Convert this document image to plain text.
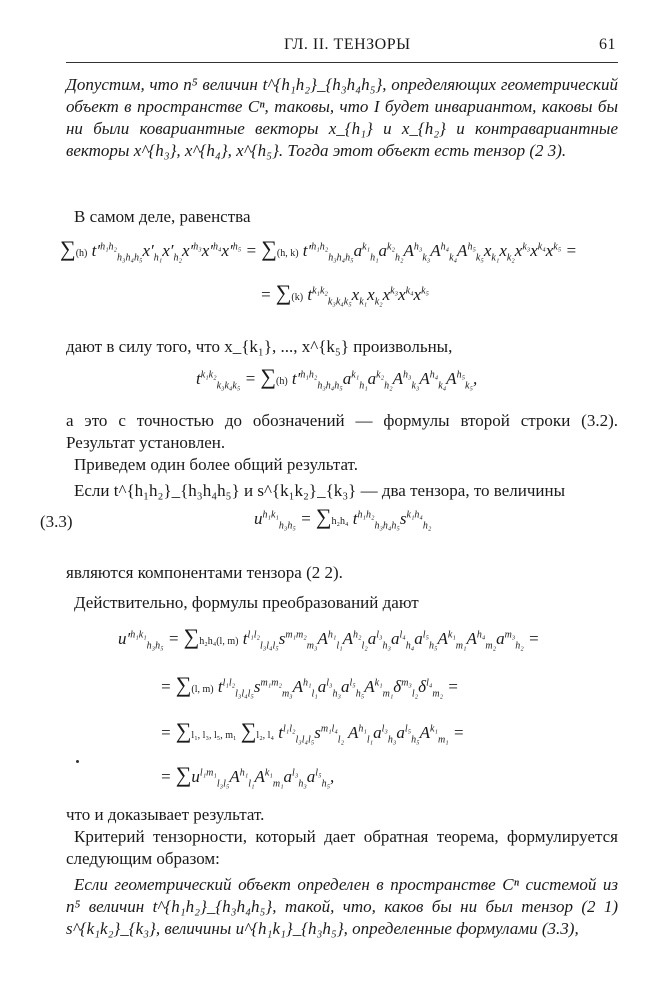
ГЛ. II. ТЕНЗОРЫ	61
Допустим, что n⁵ величин t^{h₁h₂}_{h₃h₄h₅}, определяющих геометрический объект в пространстве Cⁿ, таковы, что I будет инвариантом, каковы бы ни были ковариантные векторы x_{h₁} и x_{h₂} и контравариантные векторы x^{h₃}, x^{h₄}, x^{h₅}. Тогда этот объект есть тензор (2 3).
В самом деле, равенства
∑(h) $t'^{h_1h_2}_{h_3h_4h_5}x'_{h_1}x'_{h_2}x'^{h_3}x'^{h_4}x'^{h_5} = \sum(h$, k) $t'^{h_1h_2}_{h_3h_4h_5}a^{k_1}_{h_1}a^{k_2}_{h_2}A^{h_3}_{k_3}A^{h_4}_{k_4}A^{h_5}_{k_5}x_{k_1}x_{k_2}x^{k_3}x^{k_4}x^{k_5}$ =
= ∑(k) $t^{k_1k_2}_{k_3k_4k_5}x_{k_1}x_{k_2}x^{k_3}x^{k_4}x^{k_5}$
дают в силу того, что x_{k₁}, ..., x^{k₅} произвольны,
$t^{k_1k_2}_{k_3k_4k_5} = \sum(h)$ $t'^{h_1h_2}_{h_3h_4h_5}a^{k_1}_{h_1}a^{k_2}_{h_2}A^{h_3}_{k_3}A^{h_4}_{k_4}A^{h_5}_{k_5}$,
а это с точностью до обозначений — формулы второй строки (3.2). Результат установлен.
Приведем один более общий результат.
Если t^{h₁h₂}_{h₃h₄h₅} и s^{k₁k₂}_{k₃} — два тензора, то величины
(3.3)	$u^{h_1k_1}_{h_3h_5} = \sum h_2h_4$ $t^{h_1h_2}_{h_3h_4h_5}s^{k_1h_4}_{h_2}$
являются компонентами тензора (2 2).
Действительно, формулы преобразований дают
$u'^{h_1k_1}_{h_3h_5} = \sum h_2h_4(l$, m) $t^{l_1l_2}_{l_3l_4l_5}s^{m_1m_2}_{m_3}A^{h_1}_{l_1}A^{h_2}_{l_2}a^{l_3}_{h_3}a^{l_4}_{h_4}a^{l_5}_{h_5}A^{k_1}_{m_1}A^{h_4}_{m_2}a^{m_3}_{h_2}$ =
= ∑(l, m) $t^{l_1l_2}_{l_3l_4l_5}s^{m_1m_2}_{m_3}A^{h_1}_{l_1}a^{l_3}_{h_3}a^{l_5}_{h_5}A^{k_1}_{m_1}\delta^{m_3}_{l_2}\delta^{l_4}_{m_2}$ =
= ∑l₁, l₃, l₅, m₁ ∑l₂, l₄ $t^{l_1l_2}_{l_3l_4l_5}s^{m_1l_4}_{l_2}$ $A^{h_1}_{l_1}a^{l_3}_{h_3}a^{l_5}_{h_5}A^{k_1}_{m_1}$ =
= $\sum u^{l_1m_1}_{l_3l_5}A^{h_1}_{l_1}A^{k_1}_{m_1}a^{l_3}_{h_3}a^{l_5}_{h_5}$,
что и доказывает результат.
Критерий тензорности, который дает обратная теорема, формулируется следующим образом:
Если геометрический объект определен в пространстве Cⁿ системой из n⁵ величин t^{h₁h₂}_{h₃h₄h₅}, такой, что, каков бы ни был тензор (2 1) s^{k₁k₂}_{k₃}, величины u^{h₁k₁}_{h₃h₅}, определенные формулами (3.3),
